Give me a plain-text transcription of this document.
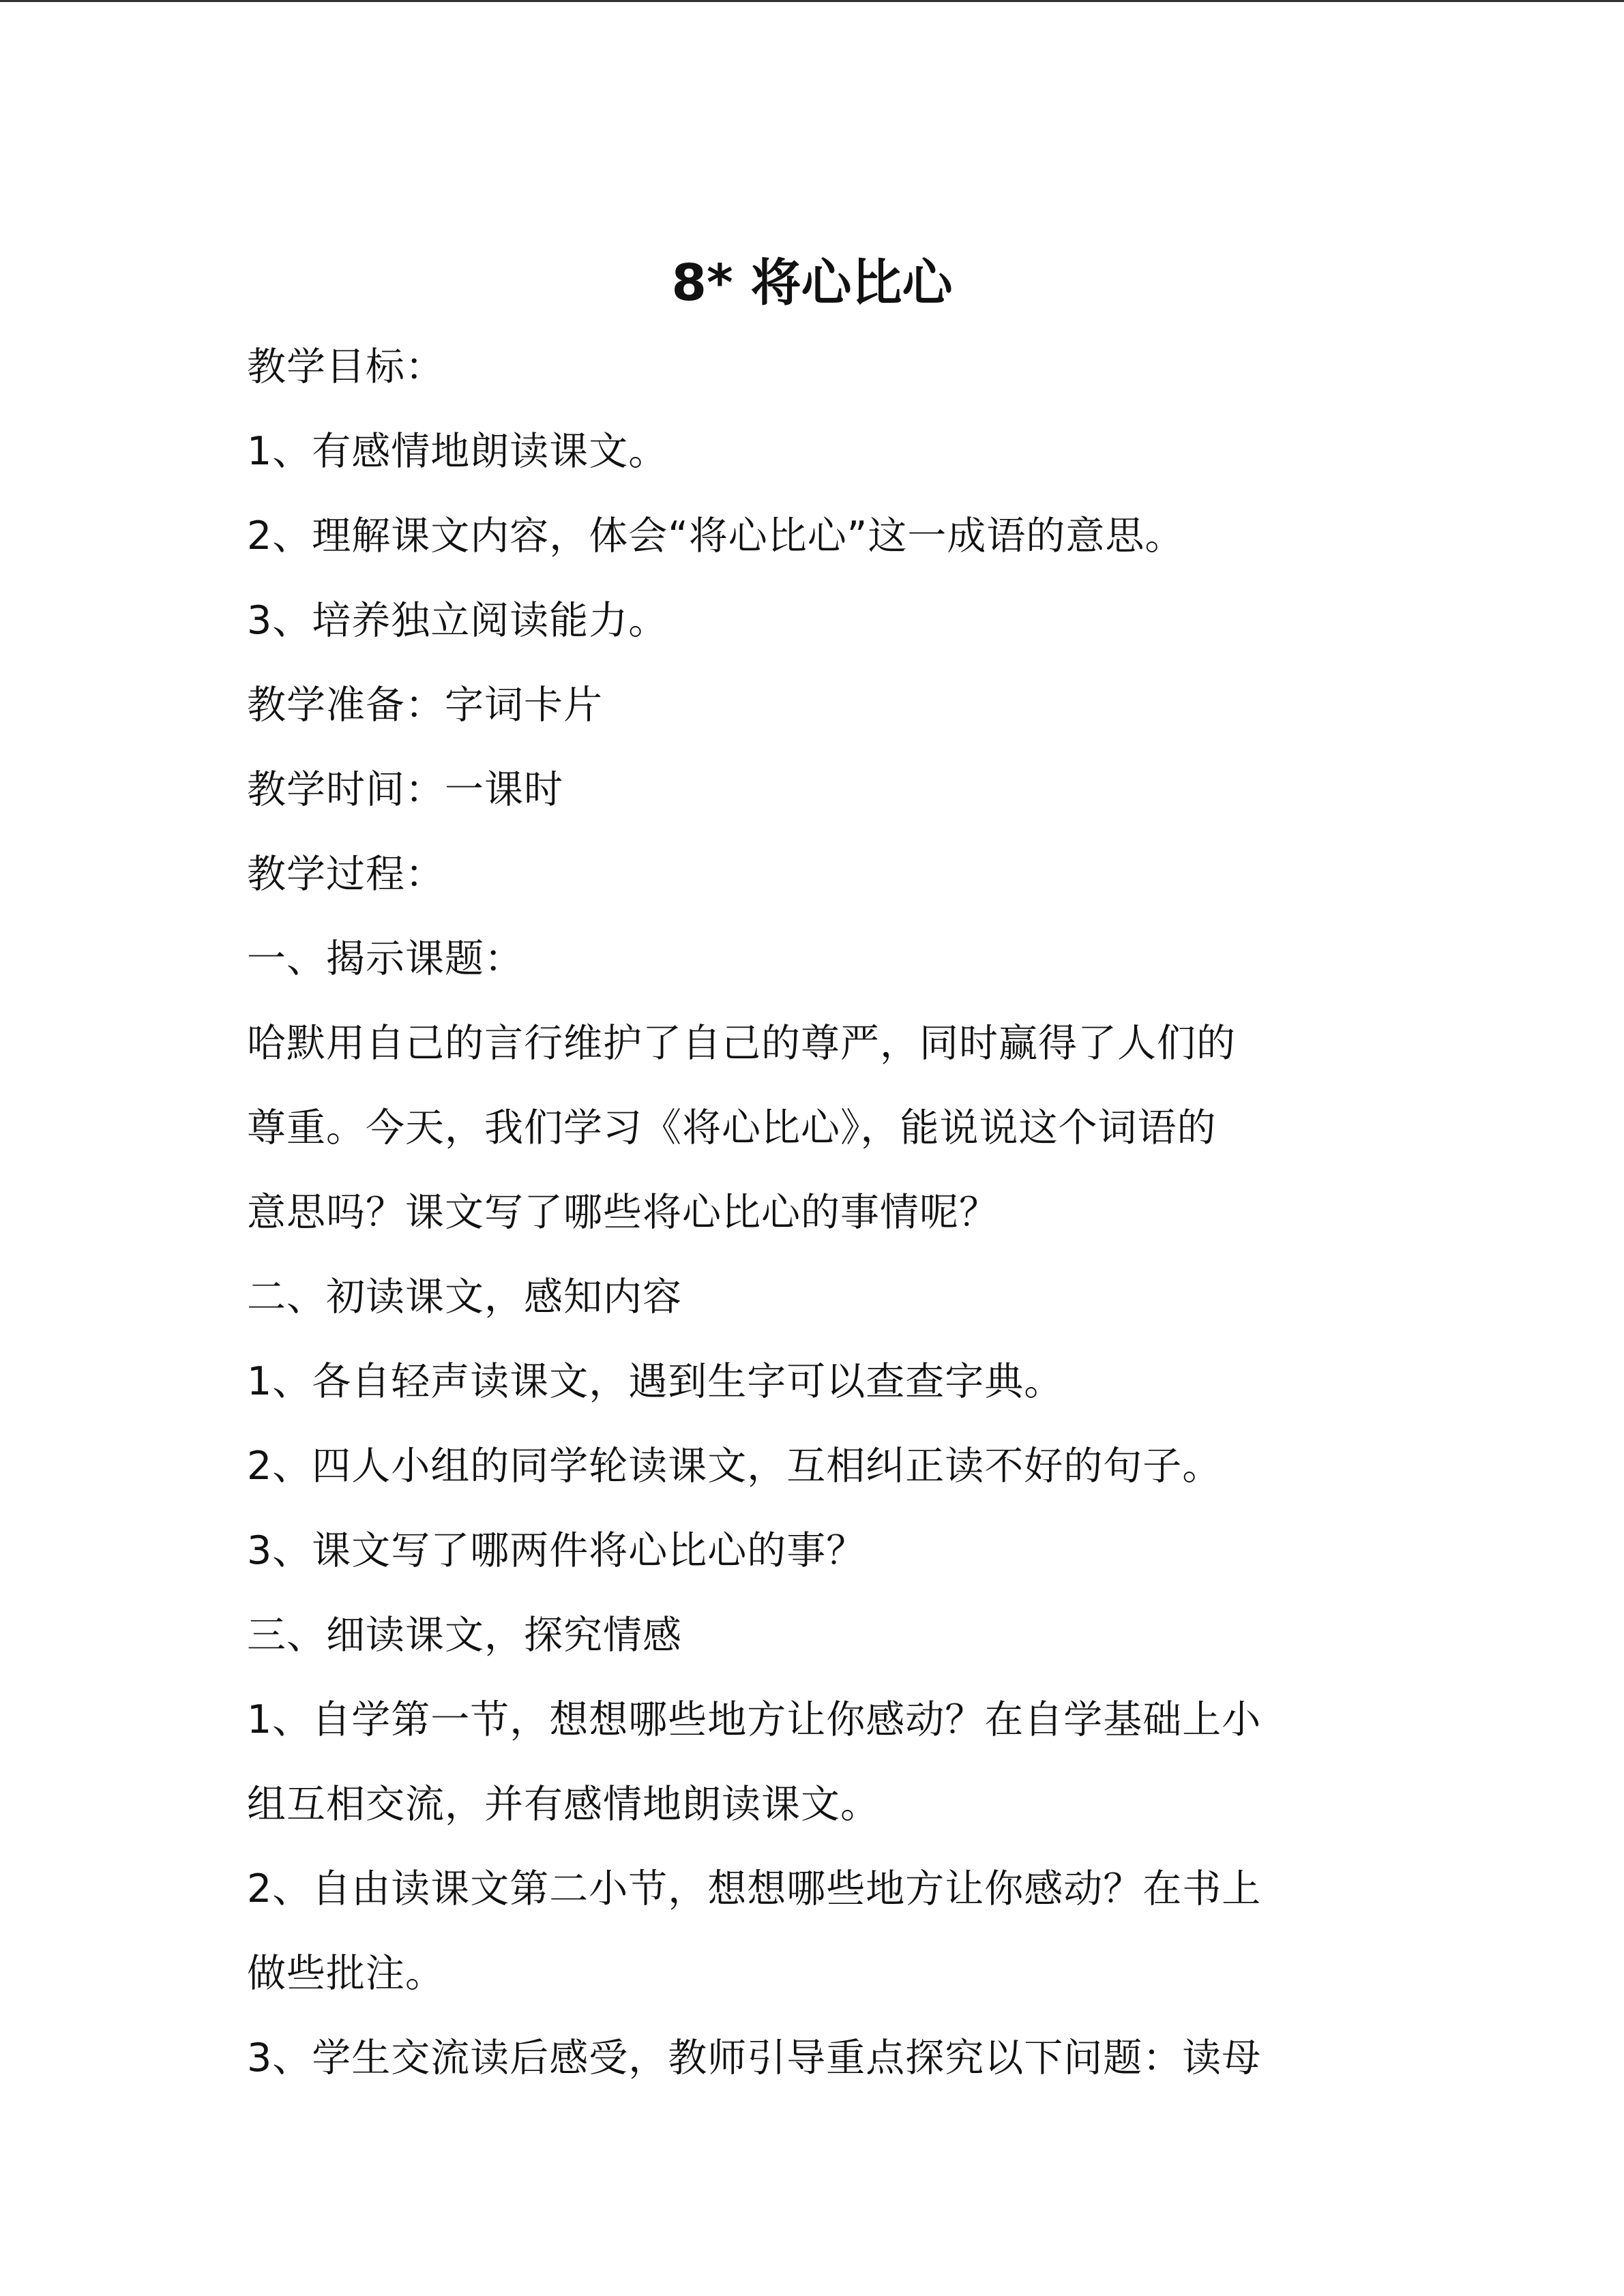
8* 将心比心
教学目标：
1、有感情地朗读课文。
2、理解课文内容，体会“将心比心”这一成语的意思。
3、培养独立阅读能力。
教学准备：字词卡片
教学时间：一课时
教学过程：
一、揭示课题：
哈默用自己的言行维护了自己的尊严，同时赢得了人们的
尊重。今天，我们学习《将心比心》，能说说这个词语的
意思吗？课文写了哪些将心比心的事情呢？
二、初读课文，感知内容
1、各自轻声读课文，遇到生字可以查查字典。
2、四人小组的同学轮读课文，互相纠正读不好的句子。
3、课文写了哪两件将心比心的事？
三、细读课文，探究情感
1、自学第一节，想想哪些地方让你感动？在自学基础上小
组互相交流，并有感情地朗读课文。
2、自由读课文第二小节，想想哪些地方让你感动？在书上
做些批注。
3、学生交流读后感受，教师引导重点探究以下问题：读母
